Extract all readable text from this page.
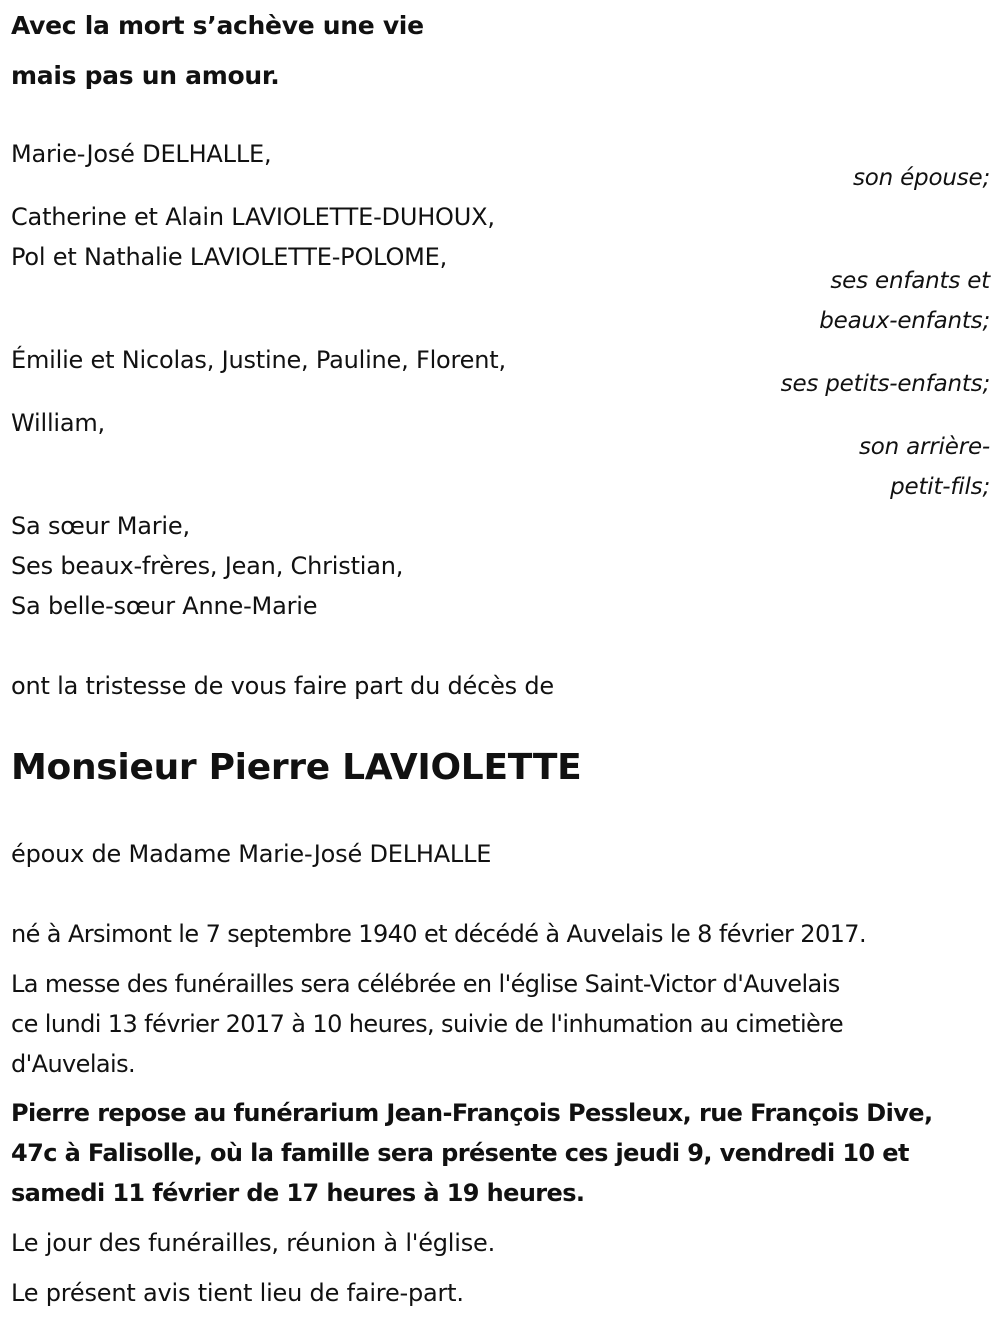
Avec la mort s’achève une vie
mais pas un amour.
Marie-José DELHALLE,
son épouse;
Catherine et Alain LAVIOLETTE-DUHOUX,
Pol et Nathalie LAVIOLETTE-POLOME,
ses enfants et
beaux-enfants;
Émilie et Nicolas, Justine, Pauline, Florent,
ses petits-enfants;
William,
son arrière-
petit-fils;
Sa sœur Marie,
Ses beaux-frères, Jean, Christian,
Sa belle-sœur Anne-Marie
ont la tristesse de vous faire part du décès de
Monsieur Pierre LAVIOLETTE
époux de Madame Marie-José DELHALLE
né à Arsimont le 7 septembre 1940 et décédé à Auvelais le 8 février 2017.
La messe des funérailles sera célébrée en l'église Saint-Victor d'Auvelais
ce lundi 13 février 2017 à 10 heures, suivie de l'inhumation au cimetière
d'Auvelais.
Pierre repose au funérarium Jean-François Pessleux, rue François Dive,
47c à Falisolle, où la famille sera présente ces jeudi 9, vendredi 10 et
samedi 11 février de 17 heures à 19 heures.
Le jour des funérailles, réunion à l'église.
Le présent avis tient lieu de faire-part.
